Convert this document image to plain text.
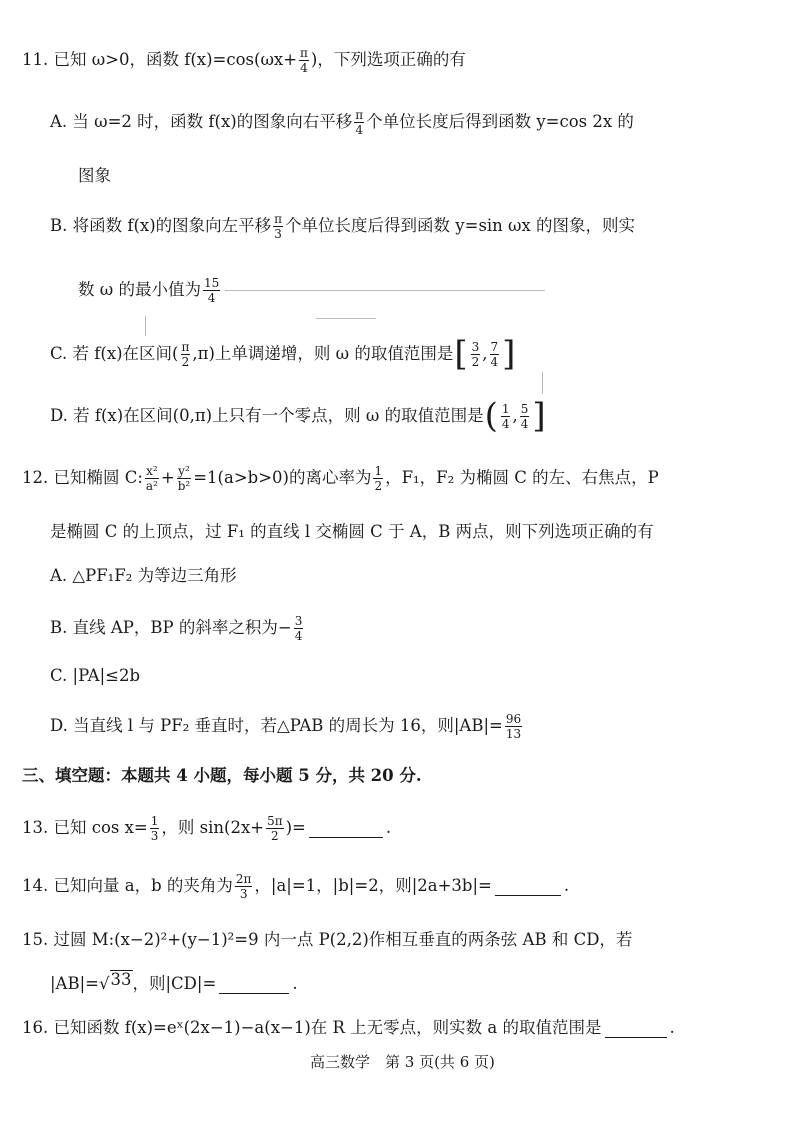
11. 已知 ω>0，函数 $f(x)=\cos(\omega x+ \frac{\pi}{4}$ )，下列选项正确的有
A. 当 ω=2 时，函数 f(x)的图象向右平移 π
4 个单位长度后得到函数 y=cos 2x 的
图象
B. 将函数 f(x)的图象向左平移 π
3 个单位长度后得到函数 y=sin ωx 的图象，则实
数 ω 的最小值为 15
4
C. 若 f(x)在区间( π
2 ,π)上单调递增，则 ω 的取值范围是 [ 3
2 , 7
4 ]
D. 若 f(x)在区间(0,π)上只有一个零点，则 ω 的取值范围是 ( 1
4 , 5
4 ]
12. 已知椭圆 C: x²
$a^2 + \frac{\text{y²}}{\text{b²}} =1(a>b>0)$的离心率为 1
2 ，F₁，F₂ 为椭圆 C 的左、右焦点，P
是椭圆 C 的上顶点，过 F₁ 的直线 l 交椭圆 C 于 A，B 两点，则下列选项正确的有
A. △PF₁F₂ 为等边三角形
B. 直线 AP，BP 的斜率之积为− $\frac{3}{4}$
C. |PA|≤2b
D. 当直线 l 与 PF₂ 垂直时，若△PAB 的周长为 16，则$|AB|= \frac{96}{13}$
三、填空题：本题共 4 小题，每小题 5 分，共 20 分.
13. 已知 $\cos x= \frac{1}{3}$ ，则 $\sin(2x+ \frac{5\pi}{2}$ )=	.
14. 已知向量 a，b 的夹角为 2π
3 ，|a|=1，|b|=2，则|2a+3b|=	.
15. 过圆 M:(x−2)²+(y−1)²=9 内一点 P(2,2)作相互垂直的两条弦 AB 和 CD，若
|AB|= √ 33 ，则|CD|=	.
16. 已知函数 f(x)=eˣ(2x−1)−a(x−1)在 R 上无零点，则实数 a 的取值范围是	.
高三数学　第 3 页(共 6 页)
